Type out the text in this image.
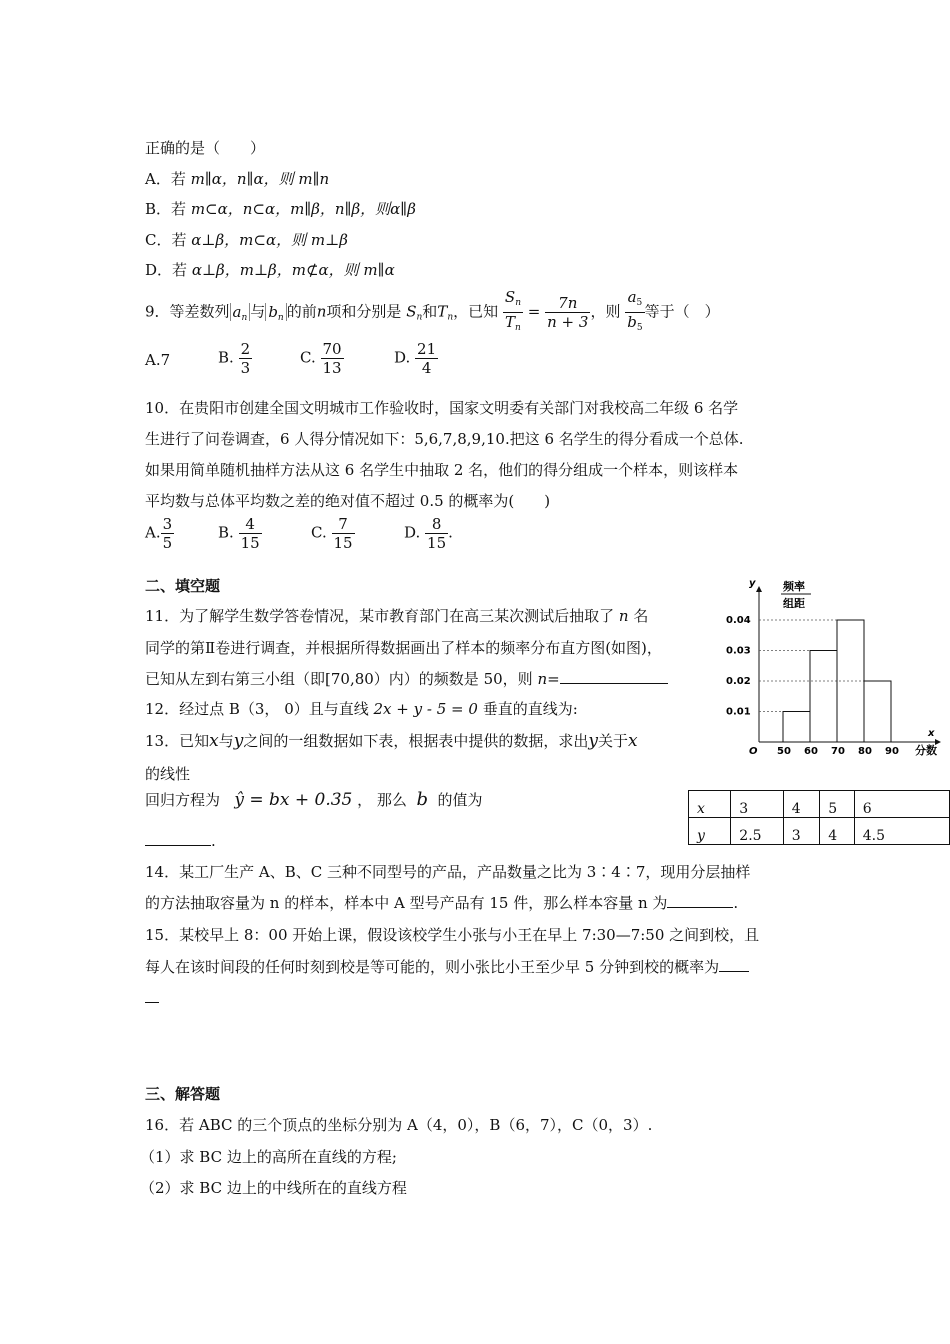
正确的是（　　）
A．若 m∥α，n∥α，则 m∥n
B．若 m⊂α，n⊂α，m∥β，n∥β，则α∥β
C．若 α⊥β，m⊂α，则 m⊥β
D．若 α⊥β，m⊥β，m⊄α，则 m∥α
9．等差数列 $a_n$ 与 $b_n$ 的前n项和分别是 $S_n$和$T_n$，已知 $\frac{S_n}{T_n} = \frac{7n}{n + 3}$ ，则 $\frac{a_5}{b_5}$ 等于（　）
A.7	B. $\frac{2}{3}$	C. $\frac{70}{13}$	D. $\frac{21}{4}$
10．在贵阳市创建全国文明城市工作验收时，国家文明委有关部门对我校高二年级 6 名学
生进行了问卷调查，6 人得分情况如下：5,6,7,8,9,10.把这 6 名学生的得分看成一个总体.
如果用简单随机抽样方法从这 6 名学生中抽取 2 名，他们的得分组成一个样本，则该样本
平均数与总体平均数之差的绝对值不超过 0.5 的概率为(　　)
A. $\frac{3}{5}$	B. $\frac{4}{15}$	C. $\frac{7}{15}$	D. $\frac{8}{15}$ .
二、填空题
11．为了解学生数学答卷情况，某市教育部门在高三某次测试后抽取了 n 名
同学的第Ⅱ卷进行调查，并根据所得数据画出了样本的频率分布直方图(如图)，
已知从左到右第三小组（即[70,80）内）的频数是 50，则 n=
12．经过点 B（3， 0）且与直线 2x + y - 5 = 0 垂直的直线为:
13．已知x与y之间的一组数据如下表，根据表中提供的数据，求出y关于x
的线性
回归方程为 ŷ = bx + 0.35 ， 那么 b 的值为
.
x	3	4	5	6
y	2.5	3	4	4.5
14．某工厂生产 A、B、C 三种不同型号的产品，产品数量之比为 3∶4∶7，现用分层抽样
的方法抽取容量为 n 的样本，样本中 A 型号产品有 15 件，那么样本容量 n 为	.
15．某校早上 8：00 开始上课，假设该校学生小张与小王在早上 7:30—7:50 之间到校，且
每人在该时间段的任何时刻到校是等可能的，则小张比小王至少早 5 分钟到校的概率为
三、解答题
16．若 ABC 的三个顶点的坐标分别为 A（4，0），B（6，7），C（0，3）.
（1）求 BC 边上的高所在直线的方程;
（2）求 BC 边上的中线所在的直线方程
y
x
频率
组距
分数
O
0.01
0.02
0.03
0.04
50 60 70 80 90
